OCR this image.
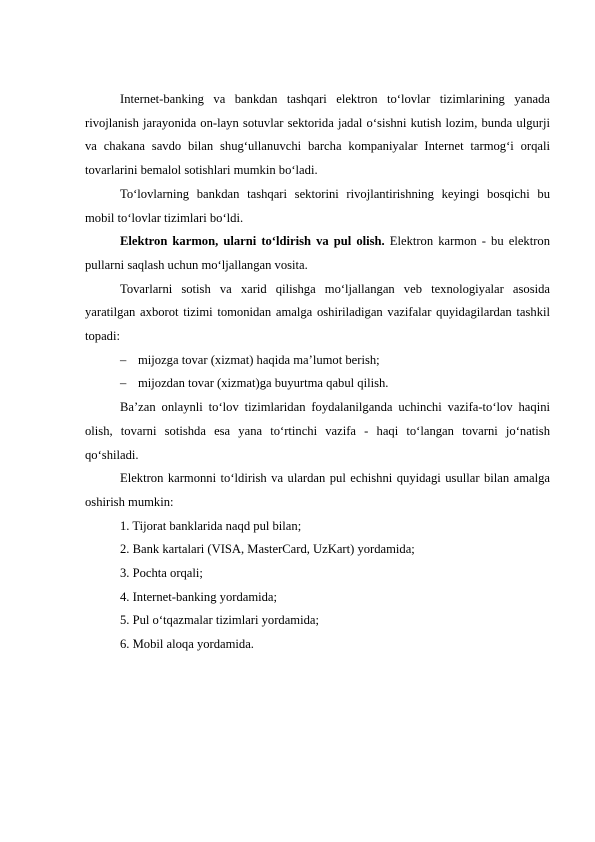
Internet-banking va bankdan tashqari elektron to‘lovlar tizimlarining yanada rivojlanish jarayonida on-layn sotuvlar sektorida jadal o‘sishni kutish lozim, bunda ulgurji va chakana savdo bilan shug‘ullanuvchi barcha kompaniyalar Internet tarmog‘i orqali tovarlarini bemalol sotishlari mumkin bo‘ladi.

To‘lovlarning bankdan tashqari sektorini rivojlantirishning keyingi bosqichi bu mobil to‘lovlar tizimlari bo‘ldi.

Elektron karmon, ularni to‘ldirish va pul olish. Elektron karmon - bu elektron pullarni saqlash uchun mo‘ljallangan vosita.

Tovarlarni sotish va xarid qilishga mo‘ljallangan veb texnologiyalar asosida yaratilgan axborot tizimi tomonidan amalga oshiriladigan vazifalar quyidagilardan tashkil topadi:

– mijozga tovar (xizmat) haqida ma’lumot berish;

– mijozdan tovar (xizmat)ga buyurtma qabul qilish.

Ba’zan onlaynli to‘lov tizimlaridan foydalanilganda uchinchi vazifa-to‘lov haqini olish, tovarni sotishda esa yana to‘rtinchi vazifa - haqi to‘langan tovarni jo‘natish qo‘shiladi.

Elektron karmonni to‘ldirish va ulardan pul echishni quyidagi usullar bilan amalga oshirish mumkin:

1. Tijorat banklarida naqd pul bilan;

2. Bank kartalari (VISA, MasterCard, UzKart) yordamida;

3. Pochta orqali;

4. Internet-banking yordamida;

5. Pul o‘tqazmalar tizimlari yordamida;

6. Mobil aloqa yordamida.
